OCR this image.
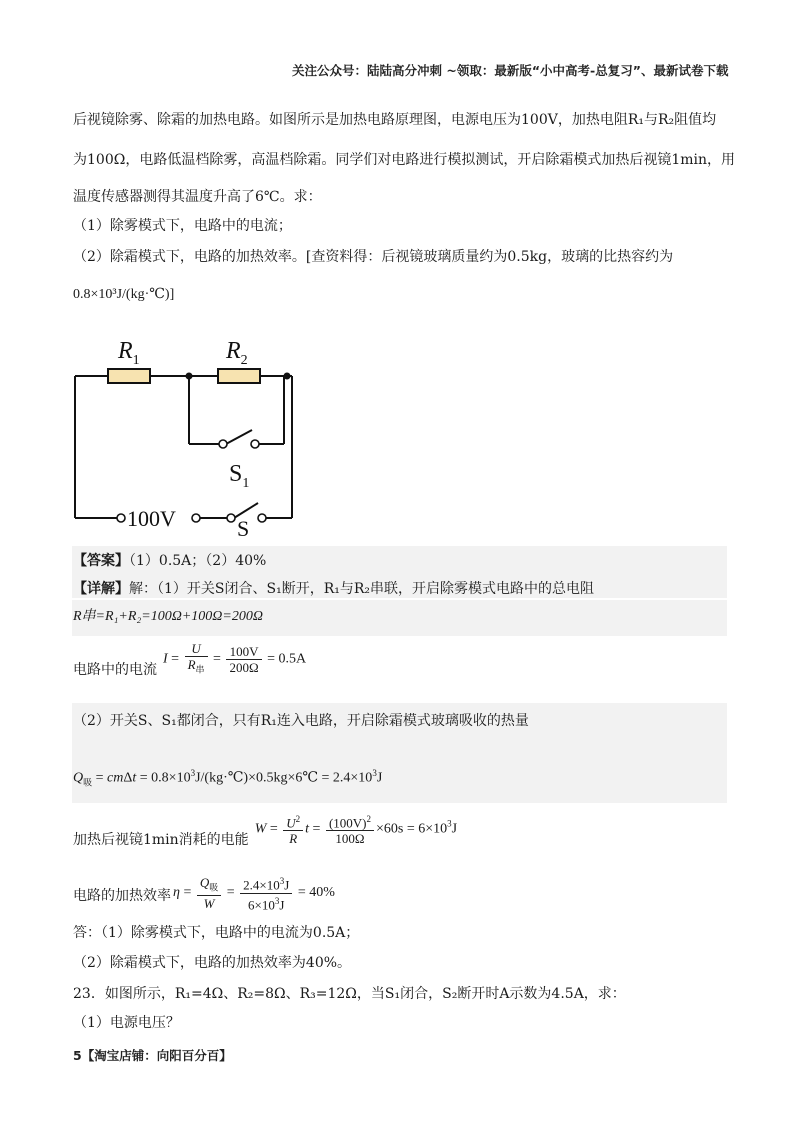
关注公众号：陆陆高分冲刺 ~领取：最新版“小中高考-总复习”、最新试卷下载
后视镜除雾、除霜的加热电路。如图所示是加热电路原理图，电源电压为100V，加热电阻R₁与R₂阻值均
为100Ω，电路低温档除雾，高温档除霜。同学们对电路进行模拟测试，开启除霜模式加热后视镜1min，用
温度传感器测得其温度升高了6℃。求：
（1）除雾模式下，电路中的电流；
（2）除霜模式下，电路的加热效率。[查资料得：后视镜玻璃质量约为0.5kg，玻璃的比热容约为
0.8×10³J/(kg·℃)]
$R_1$	$R_2$
$S_1$
100V	S
【答案】（1）0.5A；（2）40%
【详解】解：（1）开关S闭合、S₁断开，R₁与R₂串联，开启除雾模式电路中的总电阻
R串=R₁+R₂=100Ω+100Ω=200Ω
电路中的电流
$I = \frac{U}{R_串} = \frac{100V}{200\Omega} = 0.5A$
（2）开关S、S₁都闭合，只有R₁连入电路，开启除霜模式玻璃吸收的热量
$Q_吸 = cm\Delta t$ = $0.8\times 10^3J/(kg\cdot℃)\times 0.5kg\times 6℃ = 2.4\times 10^3J$
加热后视镜1min消耗的电能
$W = \frac{U^2}{R}$ $t = \frac{(100V)^2}{100\Omega} \times 60s = 6\times 10^3J$
电路的加热效率 $\eta = \frac{Q_吸}{W} = \frac{2.4\times 10^3J}{6\times 10^3J} = 40\%$
答：（1）除雾模式下，电路中的电流为0.5A；
（2）除霜模式下，电路的加热效率为40%。
23．如图所示，R₁=4Ω、R₂=8Ω、R₃=12Ω，当S₁闭合，S₂断开时A示数为4.5A，求：
（1）电源电压？
5【淘宝店铺：向阳百分百】
